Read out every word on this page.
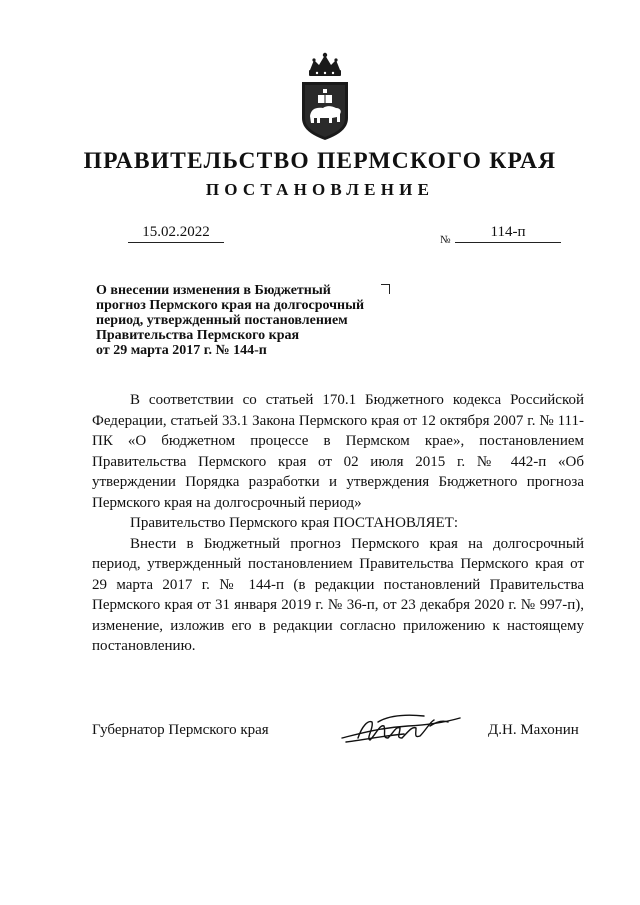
ПРАВИТЕЛЬСТВО ПЕРМСКОГО КРАЯ
ПОСТАНОВЛЕНИЕ
15.02.2022	№	114-п
О внесении изменения в Бюджетный
прогноз Пермского края на долгосрочный
период, утвержденный постановлением
Правительства Пермского края
от 29 марта 2017 г. № 144-п

В соответствии со статьей 170.1 Бюджетного кодекса Российской Федерации, статьей 33.1 Закона Пермского края от 12 октября 2007 г. № 111-ПК «О бюджетном процессе в Пермском крае», постановлением Правительства Пермского края от 02 июля 2015 г. № 442-п «Об утверждении Порядка разработки и утверждения Бюджетного прогноза Пермского края на долгосрочный период»

Правительство Пермского края ПОСТАНОВЛЯЕТ:

Внести в Бюджетный прогноз Пермского края на долгосрочный период, утвержденный постановлением Правительства Пермского края от 29 марта 2017 г. № 144-п (в редакции постановлений Правительства Пермского края от 31 января 2019 г. № 36-п, от 23 декабря 2020 г. № 997-п), изменение, изложив его в редакции согласно приложению к настоящему постановлению.

Губернатор Пермского края	Д.Н. Махонин
